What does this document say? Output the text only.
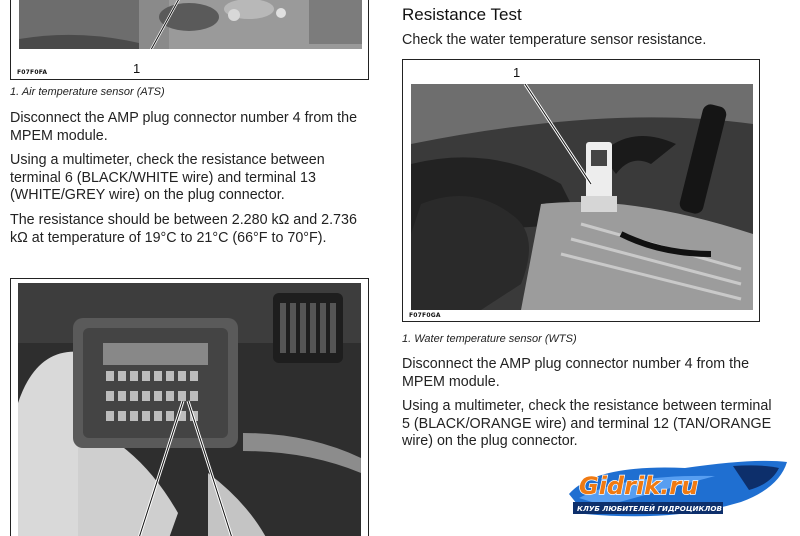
1
F07F0FA
1. Air temperature sensor (ATS)
Disconnect the AMP plug connector number 4 from the MPEM module.
Using a multimeter, check the resistance between terminal 6 (BLACK/WHITE wire) and terminal 13 (WHITE/GREY wire) on the plug connector.
The resistance should be between 2.280 kΩ and 2.736 kΩ at temperature of 19°C to 21°C (66°F to 70°F).
Resistance Test
Check the water temperature sensor resistance.
1
F07F0GA
1. Water temperature sensor (WTS)
Disconnect the AMP plug connector number 4 from the MPEM module.
Using a multimeter, check the resistance between terminal 5 (BLACK/ORANGE wire) and terminal 12 (TAN/ORANGE wire) on the plug connector.
Gidrik.ru
КЛУБ ЛЮБИТЕЛЕЙ ГИДРОЦИКЛОВ
